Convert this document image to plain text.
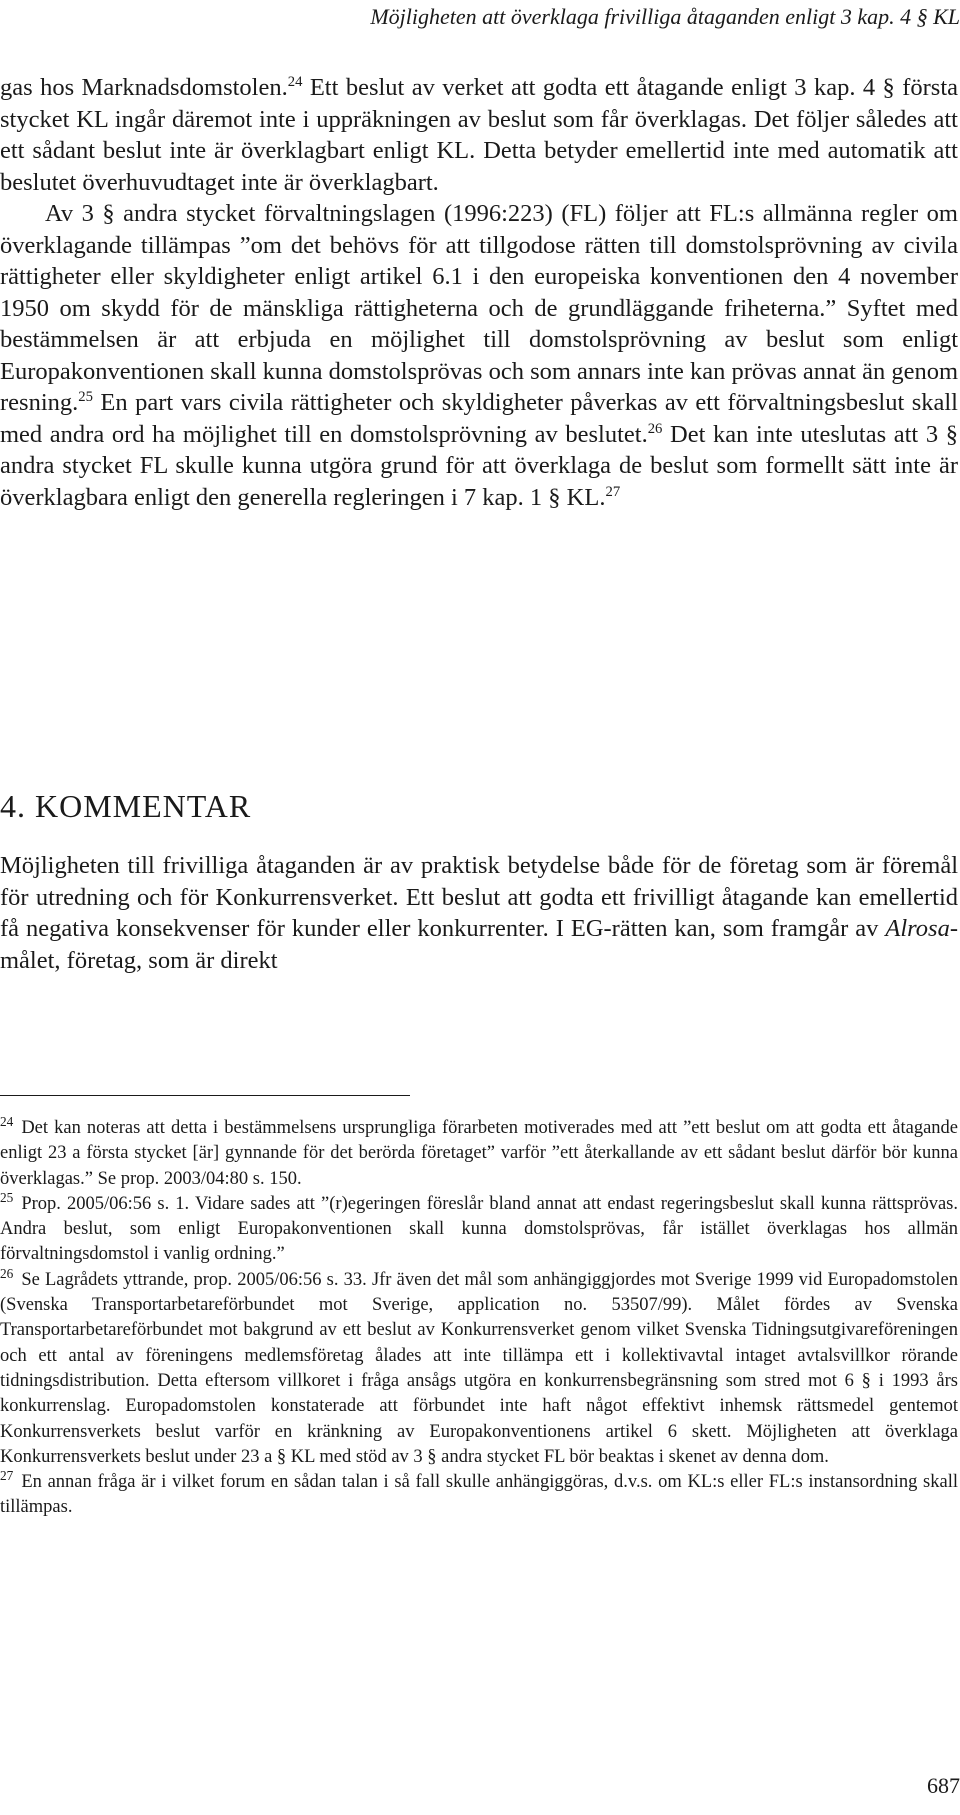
Möjligheten att överklaga frivilliga åtaganden enligt 3 kap. 4 § KL

gas hos Marknadsdomstolen.$^{24}$ Ett beslut av verket att godta ett åtagande enligt 3 kap. 4 § första stycket KL ingår däremot inte i uppräkningen av beslut som får överklagas. Det följer således att ett sådant beslut inte är överklagbart enligt KL. Detta betyder emellertid inte med automatik att beslutet överhuvudtaget inte är överklagbart.

Av 3 § andra stycket förvaltningslagen (1996:223) (FL) följer att FL:s allmänna regler om överklagande tillämpas ”om det behövs för att tillgodose rätten till domstolsprövning av civila rättigheter eller skyldigheter enligt artikel 6.1 i den europeiska konventionen den 4 november 1950 om skydd för de mänskliga rättigheterna och de grundläggande friheterna.” Syftet med bestämmelsen är att erbjuda en möjlighet till domstolsprövning av beslut som enligt Europakonventionen skall kunna domstolsprövas och som annars inte kan prövas annat än genom resning.$^{25}$ En part vars civila rättigheter och skyldigheter påverkas av ett förvaltningsbeslut skall med andra ord ha möjlighet till en domstolsprövning av beslutet.$^{26}$ Det kan inte uteslutas att 3 § andra stycket FL skulle kunna utgöra grund för att överklaga de beslut som formellt sätt inte är överklagbara enligt den generella regleringen i 7 kap. 1 § KL.$^{27}$

4. KOMMENTAR
Möjligheten till frivilliga åtaganden är av praktisk betydelse både för de företag som är föremål för utredning och för Konkurrensverket. Ett beslut att godta ett frivilligt åtagande kan emellertid få negativa konsekvenser för kunder eller konkurrenter. I EG-rätten kan, som framgår av Alrosa-målet, företag, som är direkt

$^{24}$ Det kan noteras att detta i bestämmelsens ursprungliga förarbeten motiverades med att ”ett beslut om att godta ett åtagande enligt 23 a första stycket [är] gynnande för det berörda företaget” varför ”ett återkallande av ett sådant beslut därför bör kunna överklagas.” Se prop. 2003/04:80 s. 150.

$^{25}$ Prop. 2005/06:56 s. 1. Vidare sades att ”(r)egeringen föreslår bland annat att endast regeringsbeslut skall kunna rättsprövas. Andra beslut, som enligt Europakonventionen skall kunna domstolsprövas, får istället överklagas hos allmän förvaltningsdomstol i vanlig ordning.”

$^{26}$ Se Lagrådets yttrande, prop. 2005/06:56 s. 33. Jfr även det mål som anhängiggjordes mot Sverige 1999 vid Europadomstolen (Svenska Transportarbetareförbundet mot Sverige, application no. 53507/99). Målet fördes av Svenska Transportarbetareförbundet mot bakgrund av ett beslut av Konkurrensverket genom vilket Svenska Tidningsutgivareföreningen och ett antal av föreningens medlemsföretag ålades att inte tillämpa ett i kollektivavtal intaget avtalsvillkor rörande tidningsdistribution. Detta eftersom villkoret i fråga ansågs utgöra en konkurrensbegränsning som stred mot 6 § i 1993 års konkurrenslag. Europadomstolen konstaterade att förbundet inte haft något effektivt inhemsk rättsmedel gentemot Konkurrensverkets beslut varför en kränkning av Europakonventionens artikel 6 skett. Möjligheten att överklaga Konkurrensverkets beslut under 23 a § KL med stöd av 3 § andra stycket FL bör beaktas i skenet av denna dom.

$^{27}$ En annan fråga är i vilket forum en sådan talan i så fall skulle anhängiggöras, d.v.s. om KL:s eller FL:s instansordning skall tillämpas.

687
